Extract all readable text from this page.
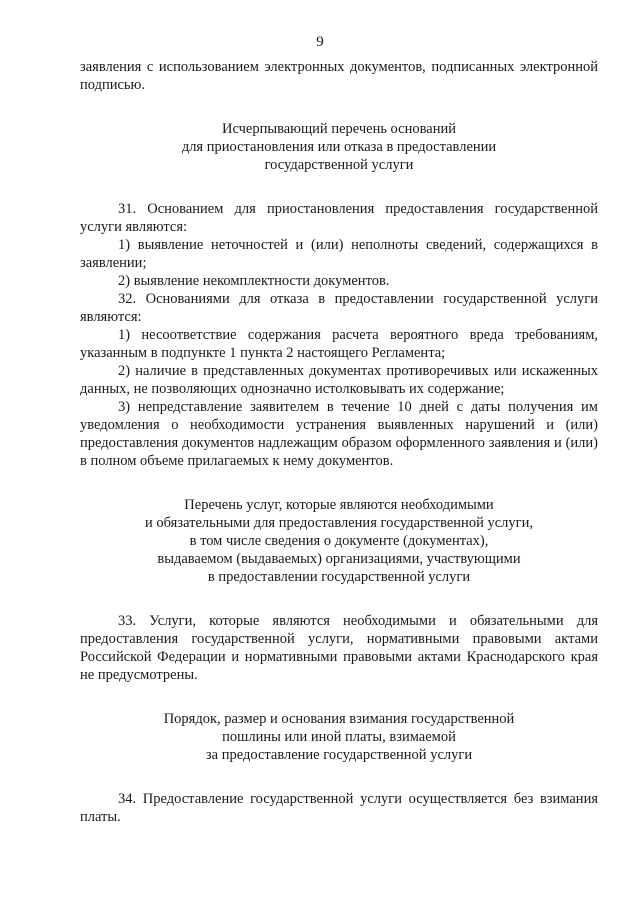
9

заявления с использованием электронных документов, подписанных электронной подписью.

Исчерпывающий перечень оснований

для приостановления или отказа в предоставлении

государственной услуги

31. Основанием для приостановления предоставления государственной услуги являются:

1) выявление неточностей и (или) неполноты сведений, содержащихся в заявлении;

2) выявление некомплектности документов.

32. Основаниями для отказа в предоставлении государственной услуги являются:

1) несоответствие содержания расчета вероятного вреда требованиям, указанным в подпункте 1 пункта 2 настоящего Регламента;

2) наличие в представленных документах противоречивых или искаженных данных, не позволяющих однозначно истолковывать их содержание;

3) непредставление заявителем в течение 10 дней с даты получения им уведомления о необходимости устранения выявленных нарушений и (или) предоставления документов надлежащим образом оформленного заявления и (или) в полном объеме прилагаемых к нему документов.

Перечень услуг, которые являются необходимыми

и обязательными для предоставления государственной услуги,

в том числе сведения о документе (документах),

выдаваемом (выдаваемых) организациями, участвующими

в предоставлении государственной услуги

33. Услуги, которые являются необходимыми и обязательными для предоставления государственной услуги, нормативными правовыми актами Российской Федерации и нормативными правовыми актами Краснодарского края не предусмотрены.

Порядок, размер и основания взимания государственной

пошлины или иной платы, взимаемой

за предоставление государственной услуги

34. Предоставление государственной услуги осуществляется без взимания платы.
